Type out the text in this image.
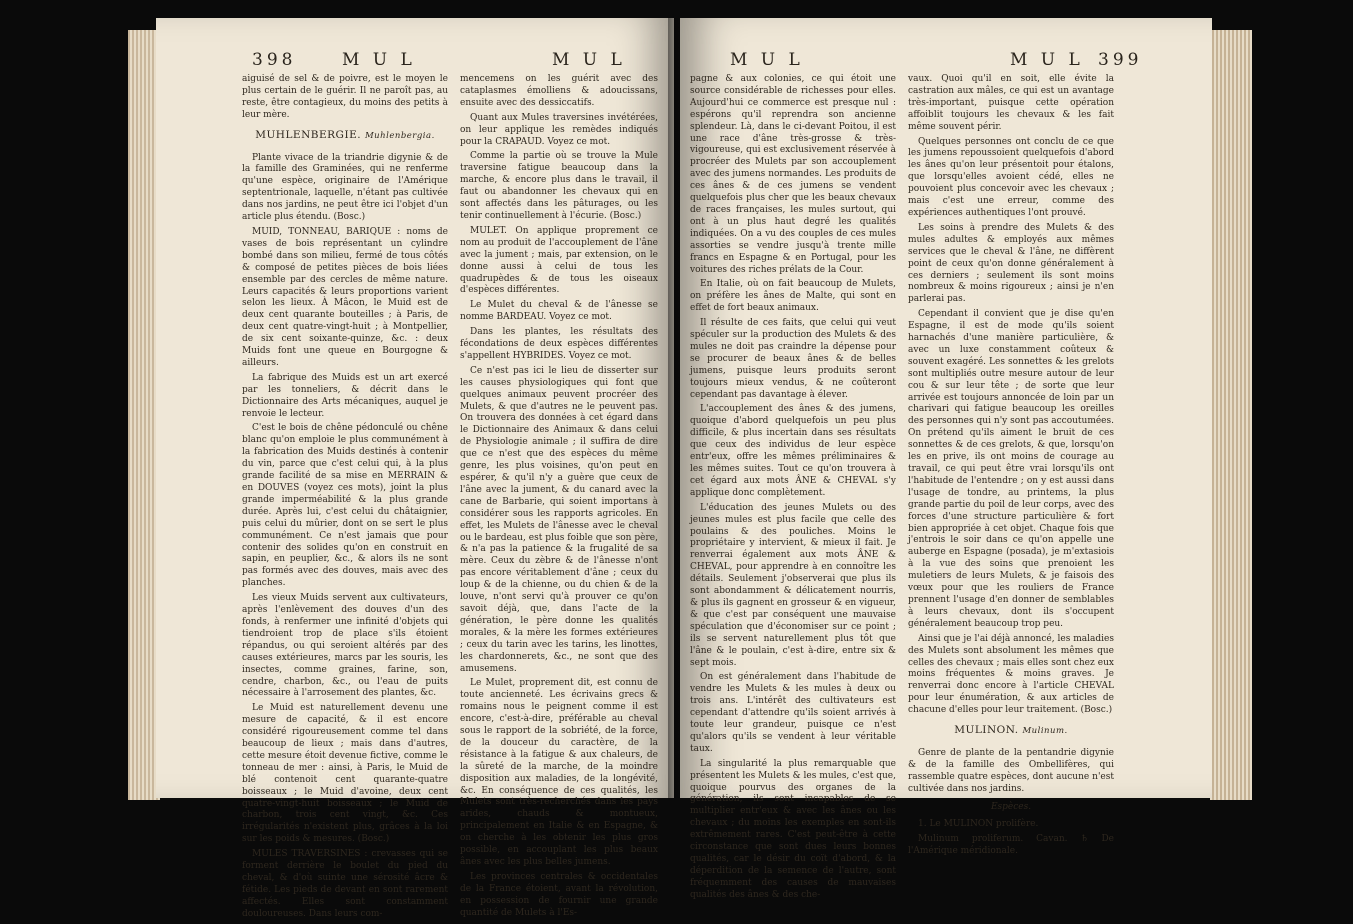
398	M U L	M U L

aiguisé de sel & de poivre, est le moyen le plus certain de le guérir. Il ne paroît pas, au reste, être contagieux, du moins des petits à leur mère.

MUHLENBERGIE. Muhlenbergia.

Plante vivace de la triandrie digynie & de la famille des Graminées, qui ne renferme qu'une espèce, originaire de l'Amérique septentrionale, laquelle, n'étant pas cultivée dans nos jardins, ne peut être ici l'objet d'un article plus étendu. (Bosc.)

MUID, TONNEAU, BARIQUE : noms de vases de bois représentant un cylindre bombé dans son milieu, fermé de tous côtés & composé de petites pièces de bois liées ensemble par des cercles de même nature. Leurs capacités & leurs proportions varient selon les lieux. À Mâcon, le Muid est de deux cent quarante bouteilles ; à Paris, de deux cent quatre-vingt-huit ; à Montpellier, de six cent soixante-quinze, &c. : deux Muids font une queue en Bourgogne & ailleurs.

La fabrique des Muids est un art exercé par les tonneliers, & décrit dans le Dictionnaire des Arts mécaniques, auquel je renvoie le lecteur.

C'est le bois de chêne pédonculé ou chêne blanc qu'on emploie le plus communément à la fabrication des Muids destinés à contenir du vin, parce que c'est celui qui, à la plus grande facilité de sa mise en MERRAIN & en DOUVES (voyez ces mots), joint la plus grande imperméabilité & la plus grande durée. Après lui, c'est celui du châtaignier, puis celui du mûrier, dont on se sert le plus communément. Ce n'est jamais que pour contenir des solides qu'on en construit en sapin, en peuplier, &c., & alors ils ne sont pas formés avec des douves, mais avec des planches.

Les vieux Muids servent aux cultivateurs, après l'enlèvement des douves d'un des fonds, à renfermer une infinité d'objets qui tiendroient trop de place s'ils étoient répandus, ou qui seroient altérés par des causes extérieures, marcs par les souris, les insectes, comme graines, farine, son, cendre, charbon, &c., ou l'eau de puits nécessaire à l'arrosement des plantes, &c.

Le Muid est naturellement devenu une mesure de capacité, & il est encore considéré rigoureusement comme tel dans beaucoup de lieux ; mais dans d'autres, cette mesure étoit devenue fictive, comme le tonneau de mer : ainsi, à Paris, le Muid de blé contenoit cent quarante-quatre boisseaux ; le Muid d'avoine, deux cent quatre-vingt-huit boisseaux ; le Muid de charbon, trois cent vingt, &c. Ces irrégularités n'existent plus, grâces à la loi sur les poids & mesures. (Bosc.)

MULES TRAVERSINES : crevasses qui se forment derrière le boulet du pied du cheval, & d'où suinte une sérosité âcre & fétide. Les pieds de devant en sont rarement affectés. Elles sont constamment douloureuses. Dans leurs com-

mencemens on les guérit avec des cataplasmes émolliens & adoucissans, ensuite avec des dessiccatifs.

Quant aux Mules traversines invétérées, on leur applique les remèdes indiqués pour la CRAPAUD. Voyez ce mot.

Comme la partie où se trouve la Mule traversine fatigue beaucoup dans la marche, & encore plus dans le travail, il faut ou abandonner les chevaux qui en sont affectés dans les pâturages, ou les tenir continuellement à l'écurie. (Bosc.)

MULET. On applique proprement ce nom au produit de l'accouplement de l'âne avec la jument ; mais, par extension, on le donne aussi à celui de tous les quadrupèdes & de tous les oiseaux d'espèces différentes.

Le Mulet du cheval & de l'ânesse se nomme BARDEAU. Voyez ce mot.

Dans les plantes, les résultats des fécondations de deux espèces différentes s'appellent HYBRIDES. Voyez ce mot.

Ce n'est pas ici le lieu de disserter sur les causes physiologiques qui font que quelques animaux peuvent procréer des Mulets, & que d'autres ne le peuvent pas. On trouvera des données à cet égard dans le Dictionnaire des Animaux & dans celui de Physiologie animale ; il suffira de dire que ce n'est que des espèces du même genre, les plus voisines, qu'on peut en espérer, & qu'il n'y a guère que ceux de l'âne avec la jument, & du canard avec la cane de Barbarie, qui soient importans à considérer sous les rapports agricoles. En effet, les Mulets de l'ânesse avec le cheval ou le bardeau, est plus foible que son père, & n'a pas la patience & la frugalité de sa mère. Ceux du zèbre & de l'ânesse n'ont pas encore véritablement d'âne ; ceux du loup & de la chienne, ou du chien & de la louve, n'ont servi qu'à prouver ce qu'on savoit déjà, que, dans l'acte de la génération, le père donne les qualités morales, & la mère les formes extérieures ; ceux du tarin avec les tarins, les linottes, les chardonnerets, &c., ne sont que des amusemens.

Le Mulet, proprement dit, est connu de toute ancienneté. Les écrivains grecs & romains nous le peignent comme il est encore, c'est-à-dire, préférable au cheval sous le rapport de la sobriété, de la force, de la douceur du caractère, de la résistance à la fatigue & aux chaleurs, de la sûreté de la marche, de la moindre disposition aux maladies, de la longévité, &c. En conséquence de ces qualités, les Mulets sont très-recherchés dans les pays arides, chauds & montueux, principalement en Italie & en Espagne, & on cherche à les obtenir les plus gros possible, en accouplant les plus beaux ânes avec les plus belles jumens.

Les provinces centrales & occidentales de la France étoient, avant la révolution, en possession de fournir une grande quantité de Mulets à l'Es-

M U L	M U L 399

pagne & aux colonies, ce qui étoit une source considérable de richesses pour elles. Aujourd'hui ce commerce est presque nul : espérons qu'il reprendra son ancienne splendeur. Là, dans le ci-devant Poitou, il est une race d'âne très-grosse & très-vigoureuse, qui est exclusivement réservée à procréer des Mulets par son accouplement avec des jumens normandes. Les produits de ces ânes & de ces jumens se vendent quelquefois plus cher que les beaux chevaux de races françaises, les mules surtout, qui ont à un plus haut degré les qualités indiquées. On a vu des couples de ces mules assorties se vendre jusqu'à trente mille francs en Espagne & en Portugal, pour les voitures des riches prélats de la Cour.

En Italie, où on fait beaucoup de Mulets, on préfère les ânes de Malte, qui sont en effet de fort beaux animaux.

Il résulte de ces faits, que celui qui veut spéculer sur la production des Mulets & des mules ne doit pas craindre la dépense pour se procurer de beaux ânes & de belles jumens, puisque leurs produits seront toujours mieux vendus, & ne coûteront cependant pas davantage à élever.

L'accouplement des ânes & des jumens, quoique d'abord quelquefois un peu plus difficile, & plus incertain dans ses résultats que ceux des individus de leur espèce entr'eux, offre les mêmes préliminaires & les mêmes suites. Tout ce qu'on trouvera à cet égard aux mots ÂNE & CHEVAL s'y applique donc complètement.

L'éducation des jeunes Mulets ou des jeunes mules est plus facile que celle des poulains & des pouliches. Moins le propriétaire y intervient, & mieux il fait. Je renverrai également aux mots ÂNE & CHEVAL, pour apprendre à en connoître les détails. Seulement j'observerai que plus ils sont abondamment & délicatement nourris, & plus ils gagnent en grosseur & en vigueur, & que c'est par conséquent une mauvaise spéculation que d'économiser sur ce point ; ils se servent naturellement plus tôt que l'âne & le poulain, c'est à-dire, entre six & sept mois.

On est généralement dans l'habitude de vendre les Mulets & les mules à deux ou trois ans. L'intérêt des cultivateurs est cependant d'attendre qu'ils soient arrivés à toute leur grandeur, puisque ce n'est qu'alors qu'ils se vendent à leur véritable taux.

La singularité la plus remarquable que présentent les Mulets & les mules, c'est que, quoique pourvus des organes de la génération, ils sont incapables de se multiplier entr'eux & avec les ânes ou les chevaux ; du moins les exemples en sont-ils extrêmement rares. C'est peut-être à cette circonstance que sont dues leurs bonnes qualités, car le désir du coït d'abord, & la déperdition de la semence de l'autre, sont fréquemment des causes de mauvaises qualités des ânes & des che-

vaux. Quoi qu'il en soit, elle évite la castration aux mâles, ce qui est un avantage très-important, puisque cette opération affoiblit toujours les chevaux & les fait même souvent périr.

Quelques personnes ont conclu de ce que les jumens repoussoient quelquefois d'abord les ânes qu'on leur présentoit pour étalons, que lorsqu'elles avoient cédé, elles ne pouvoient plus concevoir avec les chevaux ; mais c'est une erreur, comme des expériences authentiques l'ont prouvé.

Les soins à prendre des Mulets & des mules adultes & employés aux mêmes services que le cheval & l'âne, ne diffèrent point de ceux qu'on donne généralement à ces derniers ; seulement ils sont moins nombreux & moins rigoureux ; ainsi je n'en parlerai pas.

Cependant il convient que je dise qu'en Espagne, il est de mode qu'ils soient harnachés d'une manière particulière, & avec un luxe constamment coûteux & souvent exagéré. Les sonnettes & les grelots sont multipliés outre mesure autour de leur cou & sur leur tête ; de sorte que leur arrivée est toujours annoncée de loin par un charivari qui fatigue beaucoup les oreilles des personnes qui n'y sont pas accoutumées. On prétend qu'ils aiment le bruit de ces sonnettes & de ces grelots, & que, lorsqu'on les en prive, ils ont moins de courage au travail, ce qui peut être vrai lorsqu'ils ont l'habitude de l'entendre ; on y est aussi dans l'usage de tondre, au printems, la plus grande partie du poil de leur corps, avec des forces d'une structure particulière & fort bien appropriée à cet objet. Chaque fois que j'entrois le soir dans ce qu'on appelle une auberge en Espagne (posada), je m'extasiois à la vue des soins que prenoient les muletiers de leurs Mulets, & je faisois des vœux pour que les rouliers de France prennent l'usage d'en donner de semblables à leurs chevaux, dont ils s'occupent généralement beaucoup trop peu.

Ainsi que je l'ai déjà annoncé, les maladies des Mulets sont absolument les mêmes que celles des chevaux ; mais elles sont chez eux moins fréquentes & moins graves. Je renverrai donc encore à l'article CHEVAL pour leur énumération, & aux articles de chacune d'elles pour leur traitement. (Bosc.)

MULINON. Mulinum.

Genre de plante de la pentandrie digynie & de la famille des Ombellifères, qui rassemble quatre espèces, dont aucune n'est cultivée dans nos jardins.

Espèces.

1. Le MULINON prolifère.

Mulinum proliferum. Cavan. ♄ De l'Amérique méridionale.
